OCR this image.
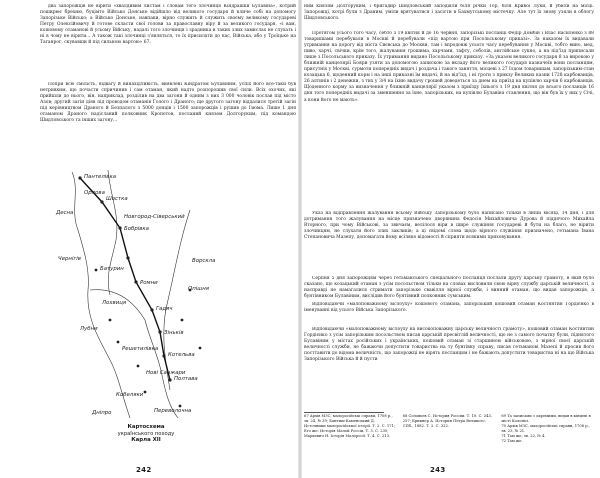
два запорожців не вірити «хвалдивим листам і словам того злочинця Кіндрашки Булавіна», котрий поширює брехню, буцімто Військо Донське відійшло від великого государя й кличе собі на допомогу Запорізьке Військо; а Військо Донське, навпаки, вірно служить й служить своєму великому государеві Петру Олексійовичу й готове скласти свої голови за православну віру й за великого государя, «і вам, кошовому отаманові й усьому Війську, надалі того злочинця і зрадника в таких злих замислах не слухать і ні в чому не вірити... А також такі злочинці з'являться, то їх присилати до нас, Війська, або у Троїцьке на Таганрог, скувавши й під сильною вартою» 67.

Попри всю смілість, відвагу й винахідливість, виявлені Кіндратом Булавіним, успіх його все-таки був нетривким, що почасти спричинив і сам отаман, який надто розпорошив свої сили. Всіх охочих, які прийшли до нього, він, наприклад, розділив на два загони й одним з них 3 000 чоловік послав під місто Азов; другий загін діяв під проводом отаманів Голого і Драного; ще другого загону віддалися третій загін під керівництвом Драного й Безпалого з 5000 донців і 1500 запорожців і рушив до Ізюма. Лише 1 дня отаманом Драного надісланий полковник Кропотов, посланий князем Долгоруким, під командою Шидловського та інших загону...

Пантелівка
Орлова
Шостка
Новгород-Сіверський
Бобрівка
Чернігів
Батурин
Ромни
Гадяч
Зіньків
Лохвиця
Лубни
Опішня
Котельва
Полтава
Кобеляки
Решетилівка
Нові Санжари
Переволочна
Ворскла
Десна
Дніпро
Картосхема
українського походу
Карла XII
242

ним князям Долгоруким, і бригадир Шидловський заподіяли біля річки Тор, біля Кривої Луки, й убили на місці. Запорожці, котрі були з Драним, уміли врятуватися і засісти в Бахмутському містечку. Але тут їх знову узяли в облогу Шидловського.

Протягом усього того часу, себто з 19 квітня й до 16 червня, запорізькі посланці Федір Домбін і Влас Василенко з 88 товаришами перебували в Москві й перебували «під вартою при Посольському приказі». За наказом їх видавали утримання на дорогу від міста Свєвська до Москви, там і впродовж усього часу перебування у Москві, тобто вино, мед, пиво, харчі, свічки, крім того, жалування грошима, харчами, тафту, соболів, англійське сукно, а на під'їзд приписали лише з Посольського приказу. Їх утримання видано Посольському приказу. «За указом великого государя 8 за вирокою у ближній канцелярії Бояри узяти за допомогою запискою за вкладу його великого государя казначеїв вони посланцям, присутніх у Москві, сурмоти попередніх видач і роздача і такого заняття, місцеві з 27 Iлдом товаришам, запорізьким-стан козацька 6, щоденний корм і на інші приказні їм видачі, й на від'їзд, і ні гроги з прикзу Великих казни 1728 карбованців, 26 алтинів і 2 денежки, з тих у 3/4 на їхню видачу грошей доведеться за днем на приїзд на купівлю харчів 6 карбованців. Щоденного корму за визначення у ближній канцелярії указом з приїзду їхнього з 19 дня квітня до всього посланців 16 дня того попередніх видачі за зменшення за їхне, запорізьких, на купівлю Булавіна ставлення, що він був їх у них у Січі, а кони його не мають».

Указ на відправлення жалування всьому Війську Запорізькому було написано тільки в липні місяці, 14 дня, і для дотримання того жалування на місце призначено дворянина Федосія Михайловича Дурова й піддячого Михайла Вторного, при чому Військові, за звичаєм, велілося віри в щире служіння государеві й бути на благо, не вірити злочинцям, не слухати його злих закликів; а ці свідомі слова щодо вірного служіння призначено, гетьмана Івана Степановича Мазепу, допомагати йому всіляко відомості й сприяти всякими приховування.

Серпня 5 дня запорожцям через гетьманського спеціального посланця послали другу царську грамоту, в якій було сказано, що козацький отаман з усім посольством тільки на словах висловили свою вірну службу царській величності, а насправді не намагалися стримати запорізьке свавілля вірної служби, і винний отаман, що видав запорожців, а бунтівником Булавіним, вислідив його бунтівний полковник сумським.

Відповідаючи «малоповажному віслоуху» кошового отамана, запорізький кошовий отаман Костянтин Гордієнко в іменуванні від усього Війська Запорізького.

Відповідаючи «малоповажному віслоуху на високоповажну царську величності грамоту», кошовий отаман Костянтин Гордієнко з усім запорізьким посольством писав царській пресвітлій величності, що не з самого початку були, піднятого Булавіним у містах російських і українських, кошовий отаман зі старшиною військовою, з вірної своєї царській величності служби, не бажаючи допустити товариства на ту бунтівну справу, писав гетьманові Мазепі й просив його посттавити до відома величність, що запорожці не вірять посланцям і не бажають допустити товариства ні на що Війська Запорізького Війська й й пусти

67 Архів МЗС, малоросійські справи, 1708 р., зв. 24, № 39; Бантиш-Каменський Д. Источники малоросійської історії. Т. 2. С. 171; Его же: Исторія Малой Россіи. Т. 3. С. 235; Маркевич Н. Історія Малоросії. Т. 4. С. 213.

68 Соловьев С. История России. Т. 10. С. 243, 257; Брикнер А. История Петра Великого. СПб., 1882. Т. 2. С. 322.

69 Та записами з окремими, видав в кінцеві в місті Колонісі.

70 Архів МЗС, малоросійські справи, 1708 р., зв. 23, № 21.

71 Там же, зв. 22, № 4.

72 Там же.

243
